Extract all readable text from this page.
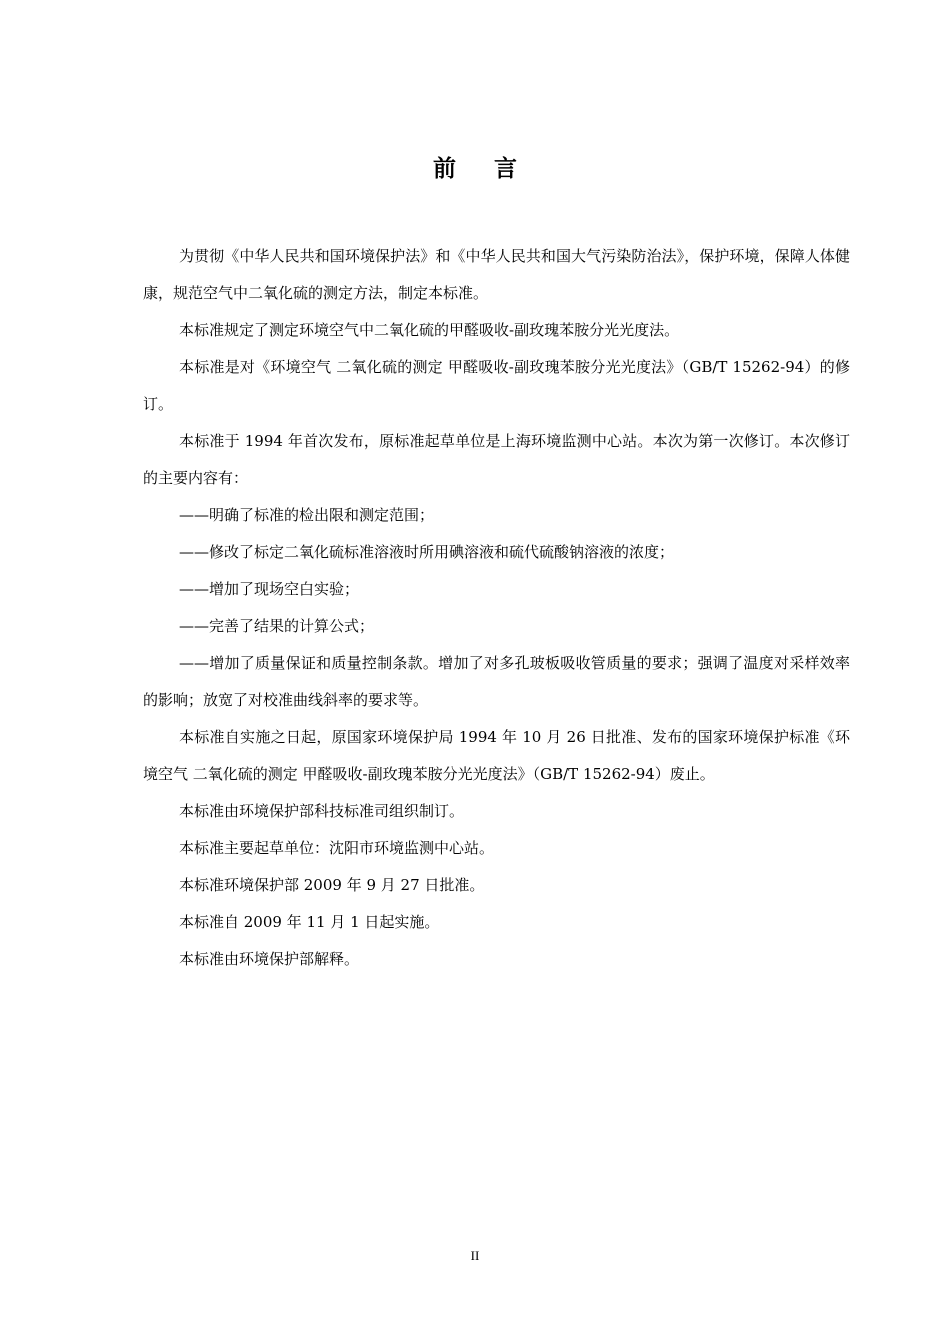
前言

为贯彻《中华人民共和国环境保护法》和《中华人民共和国大气污染防治法》，保护环境，保障人体健康，规范空气中二氧化硫的测定方法，制定本标准。

本标准规定了测定环境空气中二氧化硫的甲醛吸收-副玫瑰苯胺分光光度法。

本标准是对《环境空气 二氧化硫的测定 甲醛吸收-副玫瑰苯胺分光光度法》（GB/T 15262-94）的修订。

本标准于 1994 年首次发布，原标准起草单位是上海环境监测中心站。本次为第一次修订。本次修订的主要内容有：

——明确了标准的检出限和测定范围；

——修改了标定二氧化硫标准溶液时所用碘溶液和硫代硫酸钠溶液的浓度；

——增加了现场空白实验；

——完善了结果的计算公式；

——增加了质量保证和质量控制条款。增加了对多孔玻板吸收管质量的要求；强调了温度对采样效率的影响；放宽了对校准曲线斜率的要求等。

本标准自实施之日起，原国家环境保护局 1994 年 10 月 26 日批准、发布的国家环境保护标准《环境空气 二氧化硫的测定 甲醛吸收-副玫瑰苯胺分光光度法》（GB/T 15262-94）废止。

本标准由环境保护部科技标准司组织制订。

本标准主要起草单位：沈阳市环境监测中心站。

本标准环境保护部 2009 年 9 月 27 日批准。

本标准自 2009 年 11 月 1 日起实施。

本标准由环境保护部解释。

II
